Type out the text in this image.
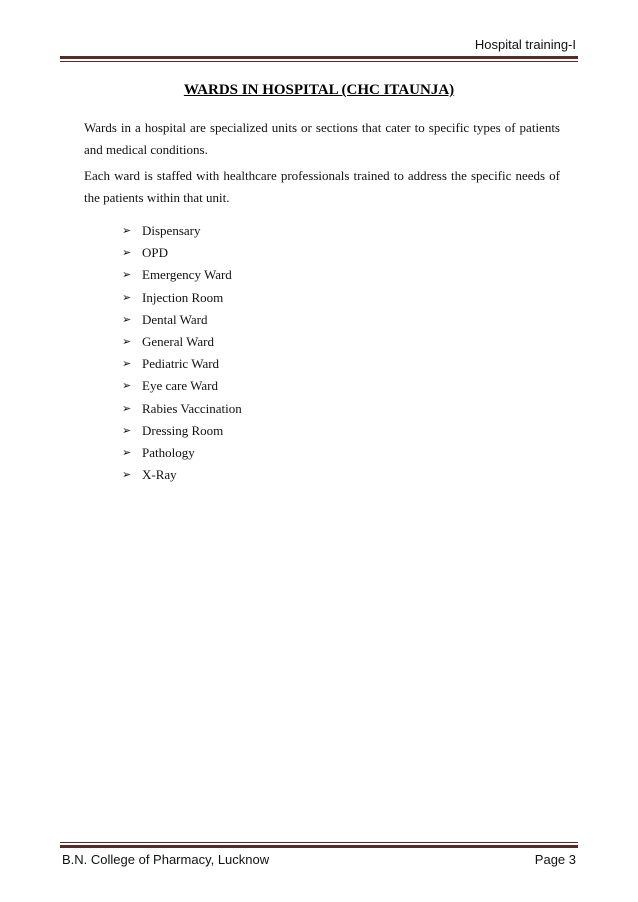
Hospital training-I
WARDS IN HOSPITAL (CHC ITAUNJA)
Wards in a hospital are specialized units or sections that cater to specific types of patients and medical conditions.
Each ward is staffed with healthcare professionals trained to address the specific needs of the patients within that unit.
➢ Dispensary
➢ OPD
➢ Emergency Ward
➢ Injection Room
➢ Dental Ward
➢ General Ward
➢ Pediatric Ward
➢ Eye care Ward
➢ Rabies Vaccination
➢ Dressing Room
➢ Pathology
➢ X-Ray
B.N. College of Pharmacy, Lucknow	Page 3
